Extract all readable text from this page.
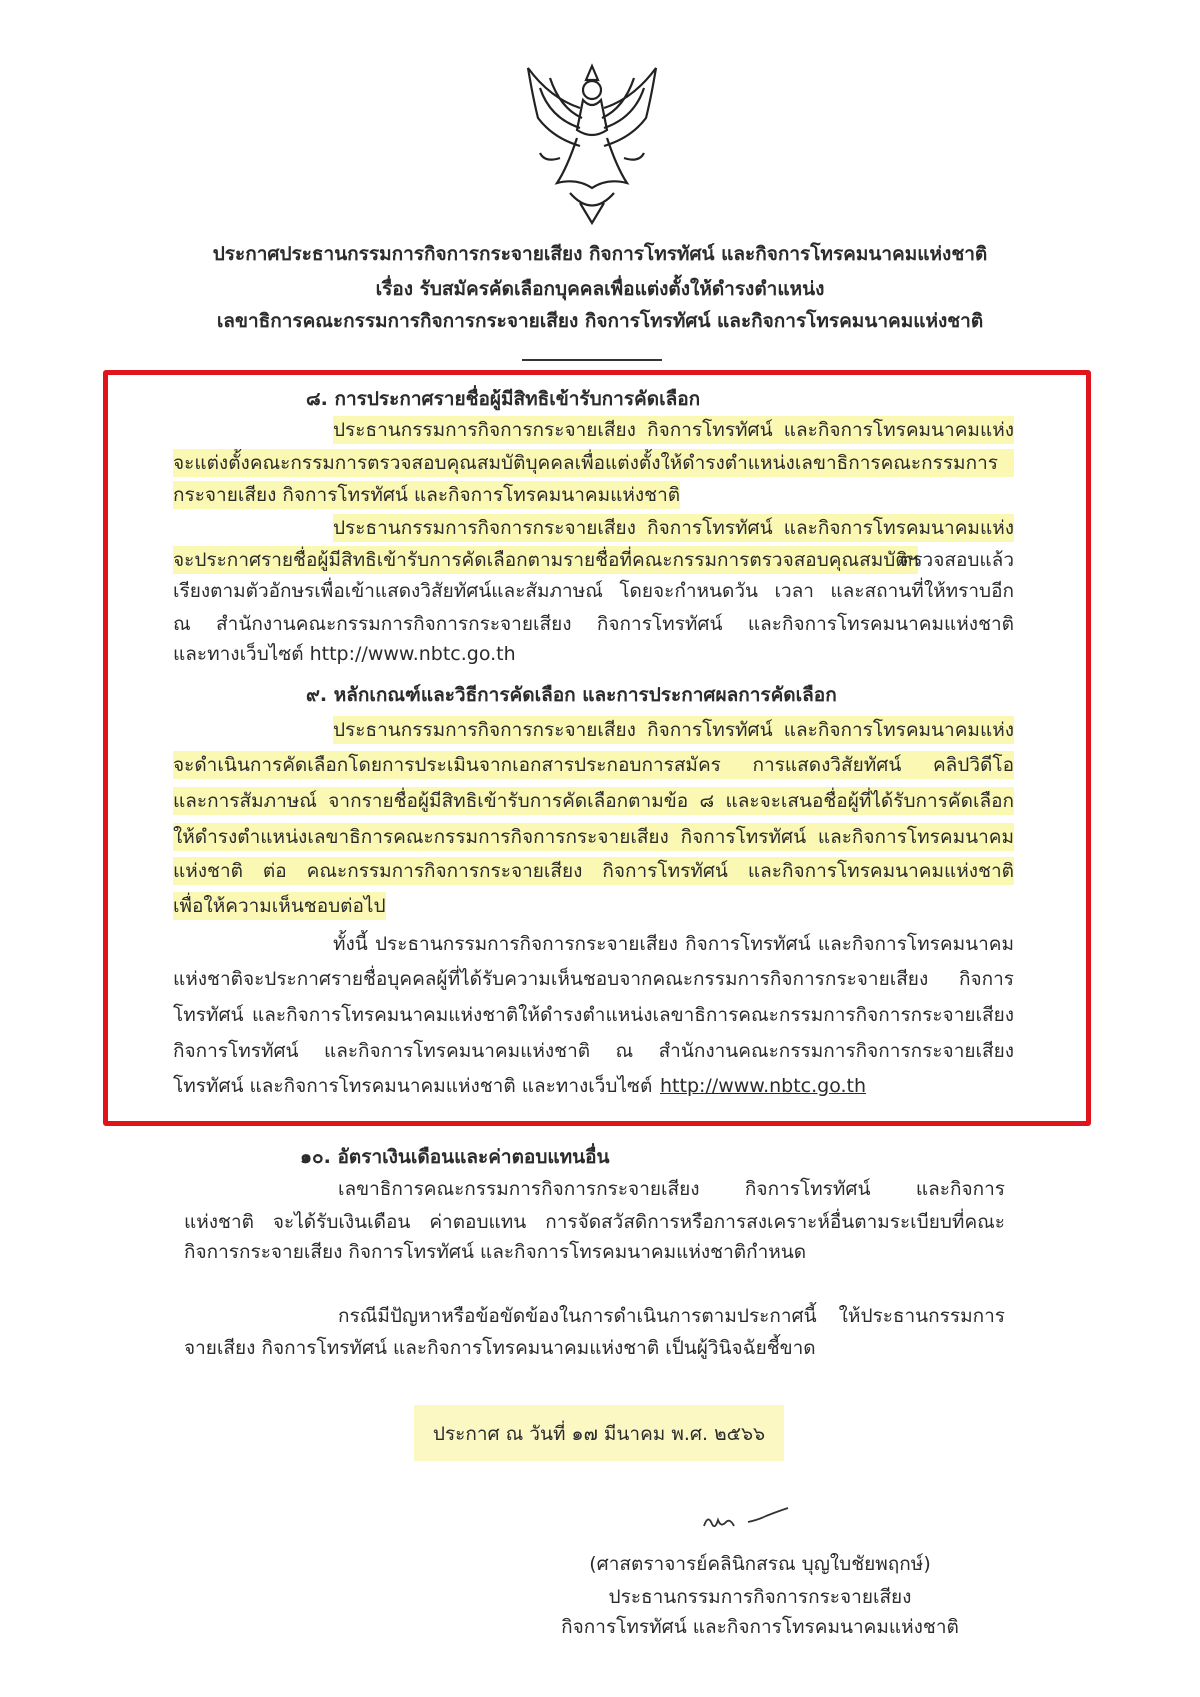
ประกาศประธานกรรมการกิจการกระจายเสียง กิจการโทรทัศน์ และกิจการโทรคมนาคมแห่งชาติ
เรื่อง รับสมัครคัดเลือกบุคคลเพื่อแต่งตั้งให้ดำรงตำแหน่ง
เลขาธิการคณะกรรมการกิจการกระจายเสียง กิจการโทรทัศน์ และกิจการโทรคมนาคมแห่งชาติ
๘. การประกาศรายชื่อผู้มีสิทธิเข้ารับการคัดเลือก
ประธานกรรมการกิจการกระจายเสียง กิจการโทรทัศน์ และกิจการโทรคมนาคมแห่ง
จะแต่งตั้งคณะกรรมการตรวจสอบคุณสมบัติบุคคลเพื่อแต่งตั้งให้ดำรงตำแหน่งเลขาธิการคณะกรรมการ
กระจายเสียง กิจการโทรทัศน์ และกิจการโทรคมนาคมแห่งชาติ
ประธานกรรมการกิจการกระจายเสียง กิจการโทรทัศน์ และกิจการโทรคมนาคมแห่ง
จะประกาศรายชื่อผู้มีสิทธิเข้ารับการคัดเลือกตามรายชื่อที่คณะกรรมการตรวจสอบคุณสมบัติฯ
ตรวจสอบแล้ว
เรียงตามตัวอักษรเพื่อเข้าแสดงวิสัยทัศน์และสัมภาษณ์ โดยจะกำหนดวัน เวลา และสถานที่ให้ทราบอีก
ณ สำนักงานคณะกรรมการกิจการกระจายเสียง กิจการโทรทัศน์ และกิจการโทรคมนาคมแห่งชาติ
และทางเว็บไซต์ http://www.nbtc.go.th
๙. หลักเกณฑ์และวิธีการคัดเลือก และการประกาศผลการคัดเลือก
ประธานกรรมการกิจการกระจายเสียง กิจการโทรทัศน์ และกิจการโทรคมนาคมแห่ง
จะดำเนินการคัดเลือกโดยการประเมินจากเอกสารประกอบการสมัคร การแสดงวิสัยทัศน์ คลิปวิดีโอ
และการสัมภาษณ์ จากรายชื่อผู้มีสิทธิเข้ารับการคัดเลือกตามข้อ ๘ และจะเสนอชื่อผู้ที่ได้รับการคัดเลือก
ให้ดำรงตำแหน่งเลขาธิการคณะกรรมการกิจการกระจายเสียง กิจการโทรทัศน์ และกิจการโทรคมนาคม
แห่งชาติ ต่อ คณะกรรมการกิจการกระจายเสียง กิจการโทรทัศน์ และกิจการโทรคมนาคมแห่งชาติ
เพื่อให้ความเห็นชอบต่อไป
ทั้งนี้ ประธานกรรมการกิจการกระจายเสียง กิจการโทรทัศน์ และกิจการโทรคมนาคม
แห่งชาติจะประกาศรายชื่อบุคคลผู้ที่ได้รับความเห็นชอบจากคณะกรรมการกิจการกระจายเสียง กิจการ
โทรทัศน์ และกิจการโทรคมนาคมแห่งชาติให้ดำรงตำแหน่งเลขาธิการคณะกรรมการกิจการกระจายเสียง
กิจการโทรทัศน์ และกิจการโทรคมนาคมแห่งชาติ ณ สำนักงานคณะกรรมการกิจการกระจายเสียง
โทรทัศน์ และกิจการโทรคมนาคมแห่งชาติ และทางเว็บไซต์
๑๐. อัตราเงินเดือนและค่าตอบแทนอื่น
เลขาธิการคณะกรรมการกิจการกระจายเสียง กิจการโทรทัศน์ และกิจการ
แห่งชาติ จะได้รับเงินเดือน ค่าตอบแทน การจัดสวัสดิการหรือการสงเคราะห์อื่นตามระเบียบที่คณะ
กิจการกระจายเสียง กิจการโทรทัศน์ และกิจการโทรคมนาคมแห่งชาติกำหนด
กรณีมีปัญหาหรือข้อขัดข้องในการดำเนินการตามประกาศนี้ ให้ประธานกรรมการ
จายเสียง กิจการโทรทัศน์ และกิจการโทรคมนาคมแห่งชาติ เป็นผู้วินิจฉัยชี้ขาด
ประกาศ ณ วันที่ ๑๗ มีนาคม พ.ศ. ๒๕๖๖
(ศาสตราจารย์คลินิกสรณ บุญใบชัยพฤกษ์)
ประธานกรรมการกิจการกระจายเสียง
กิจการโทรทัศน์ และกิจการโทรคมนาคมแห่งชาติ
http://www.nbtc.go.th
